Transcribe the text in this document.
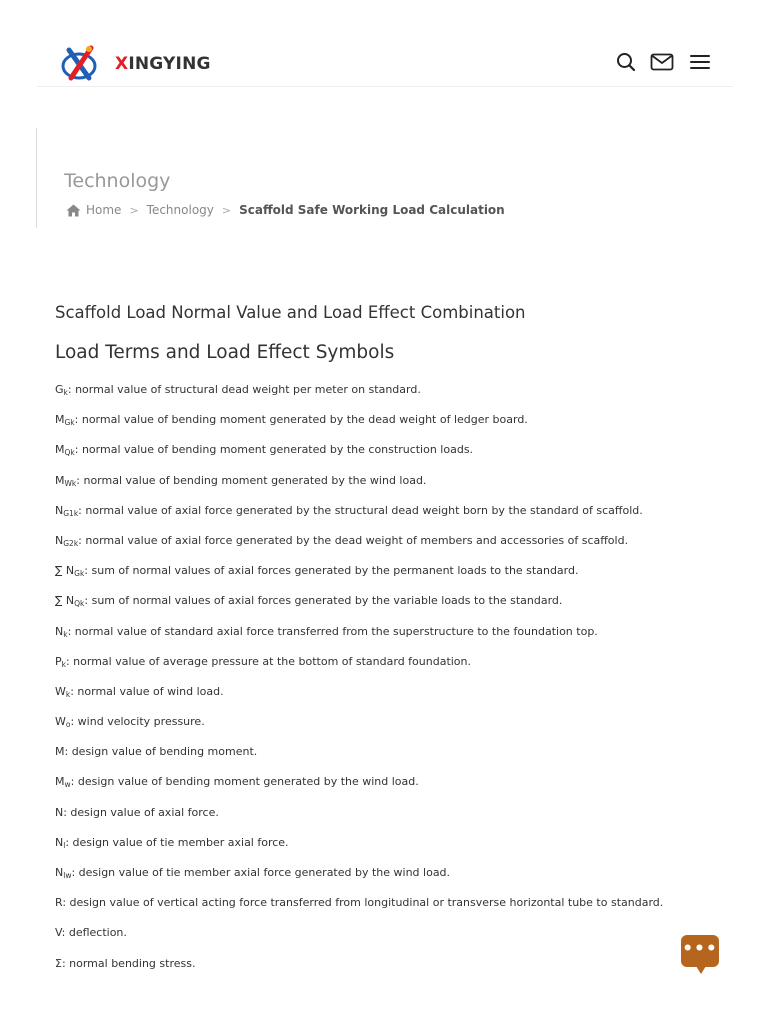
XINGYING
Technology
Home > Technology > Scaffold Safe Working Load Calculation
Scaffold Load Normal Value and Load Effect Combination
Load Terms and Load Effect Symbols
$G_k$: normal value of structural dead weight per meter on standard.
$M_{Gk}$: normal value of bending moment generated by the dead weight of ledger board.
$M_{Qk}$: normal value of bending moment generated by the construction loads.
$M_{Wk}$: normal value of bending moment generated by the wind load.
$N_{G1k}$: normal value of axial force generated by the structural dead weight born by the standard of scaffold.
$N_{G2k}$: normal value of axial force generated by the dead weight of members and accessories of scaffold.
∑ $N_{Gk}$: sum of normal values of axial forces generated by the permanent loads to the standard.
∑ $N_{Qk}$: sum of normal values of axial forces generated by the variable loads to the standard.
$N_k$: normal value of standard axial force transferred from the superstructure to the foundation top.
$P_k$: normal value of average pressure at the bottom of standard foundation.
$W_k$: normal value of wind load.
$W_o$: wind velocity pressure.
M: design value of bending moment.
$M_w$: design value of bending moment generated by the wind load.
N: design value of axial force.
$N_l$: design value of tie member axial force.
$N_{lw}$: design value of tie member axial force generated by the wind load.
R: design value of vertical acting force transferred from longitudinal or transverse horizontal tube to standard.
V: deflection.
Σ: normal bending stress.
•••
